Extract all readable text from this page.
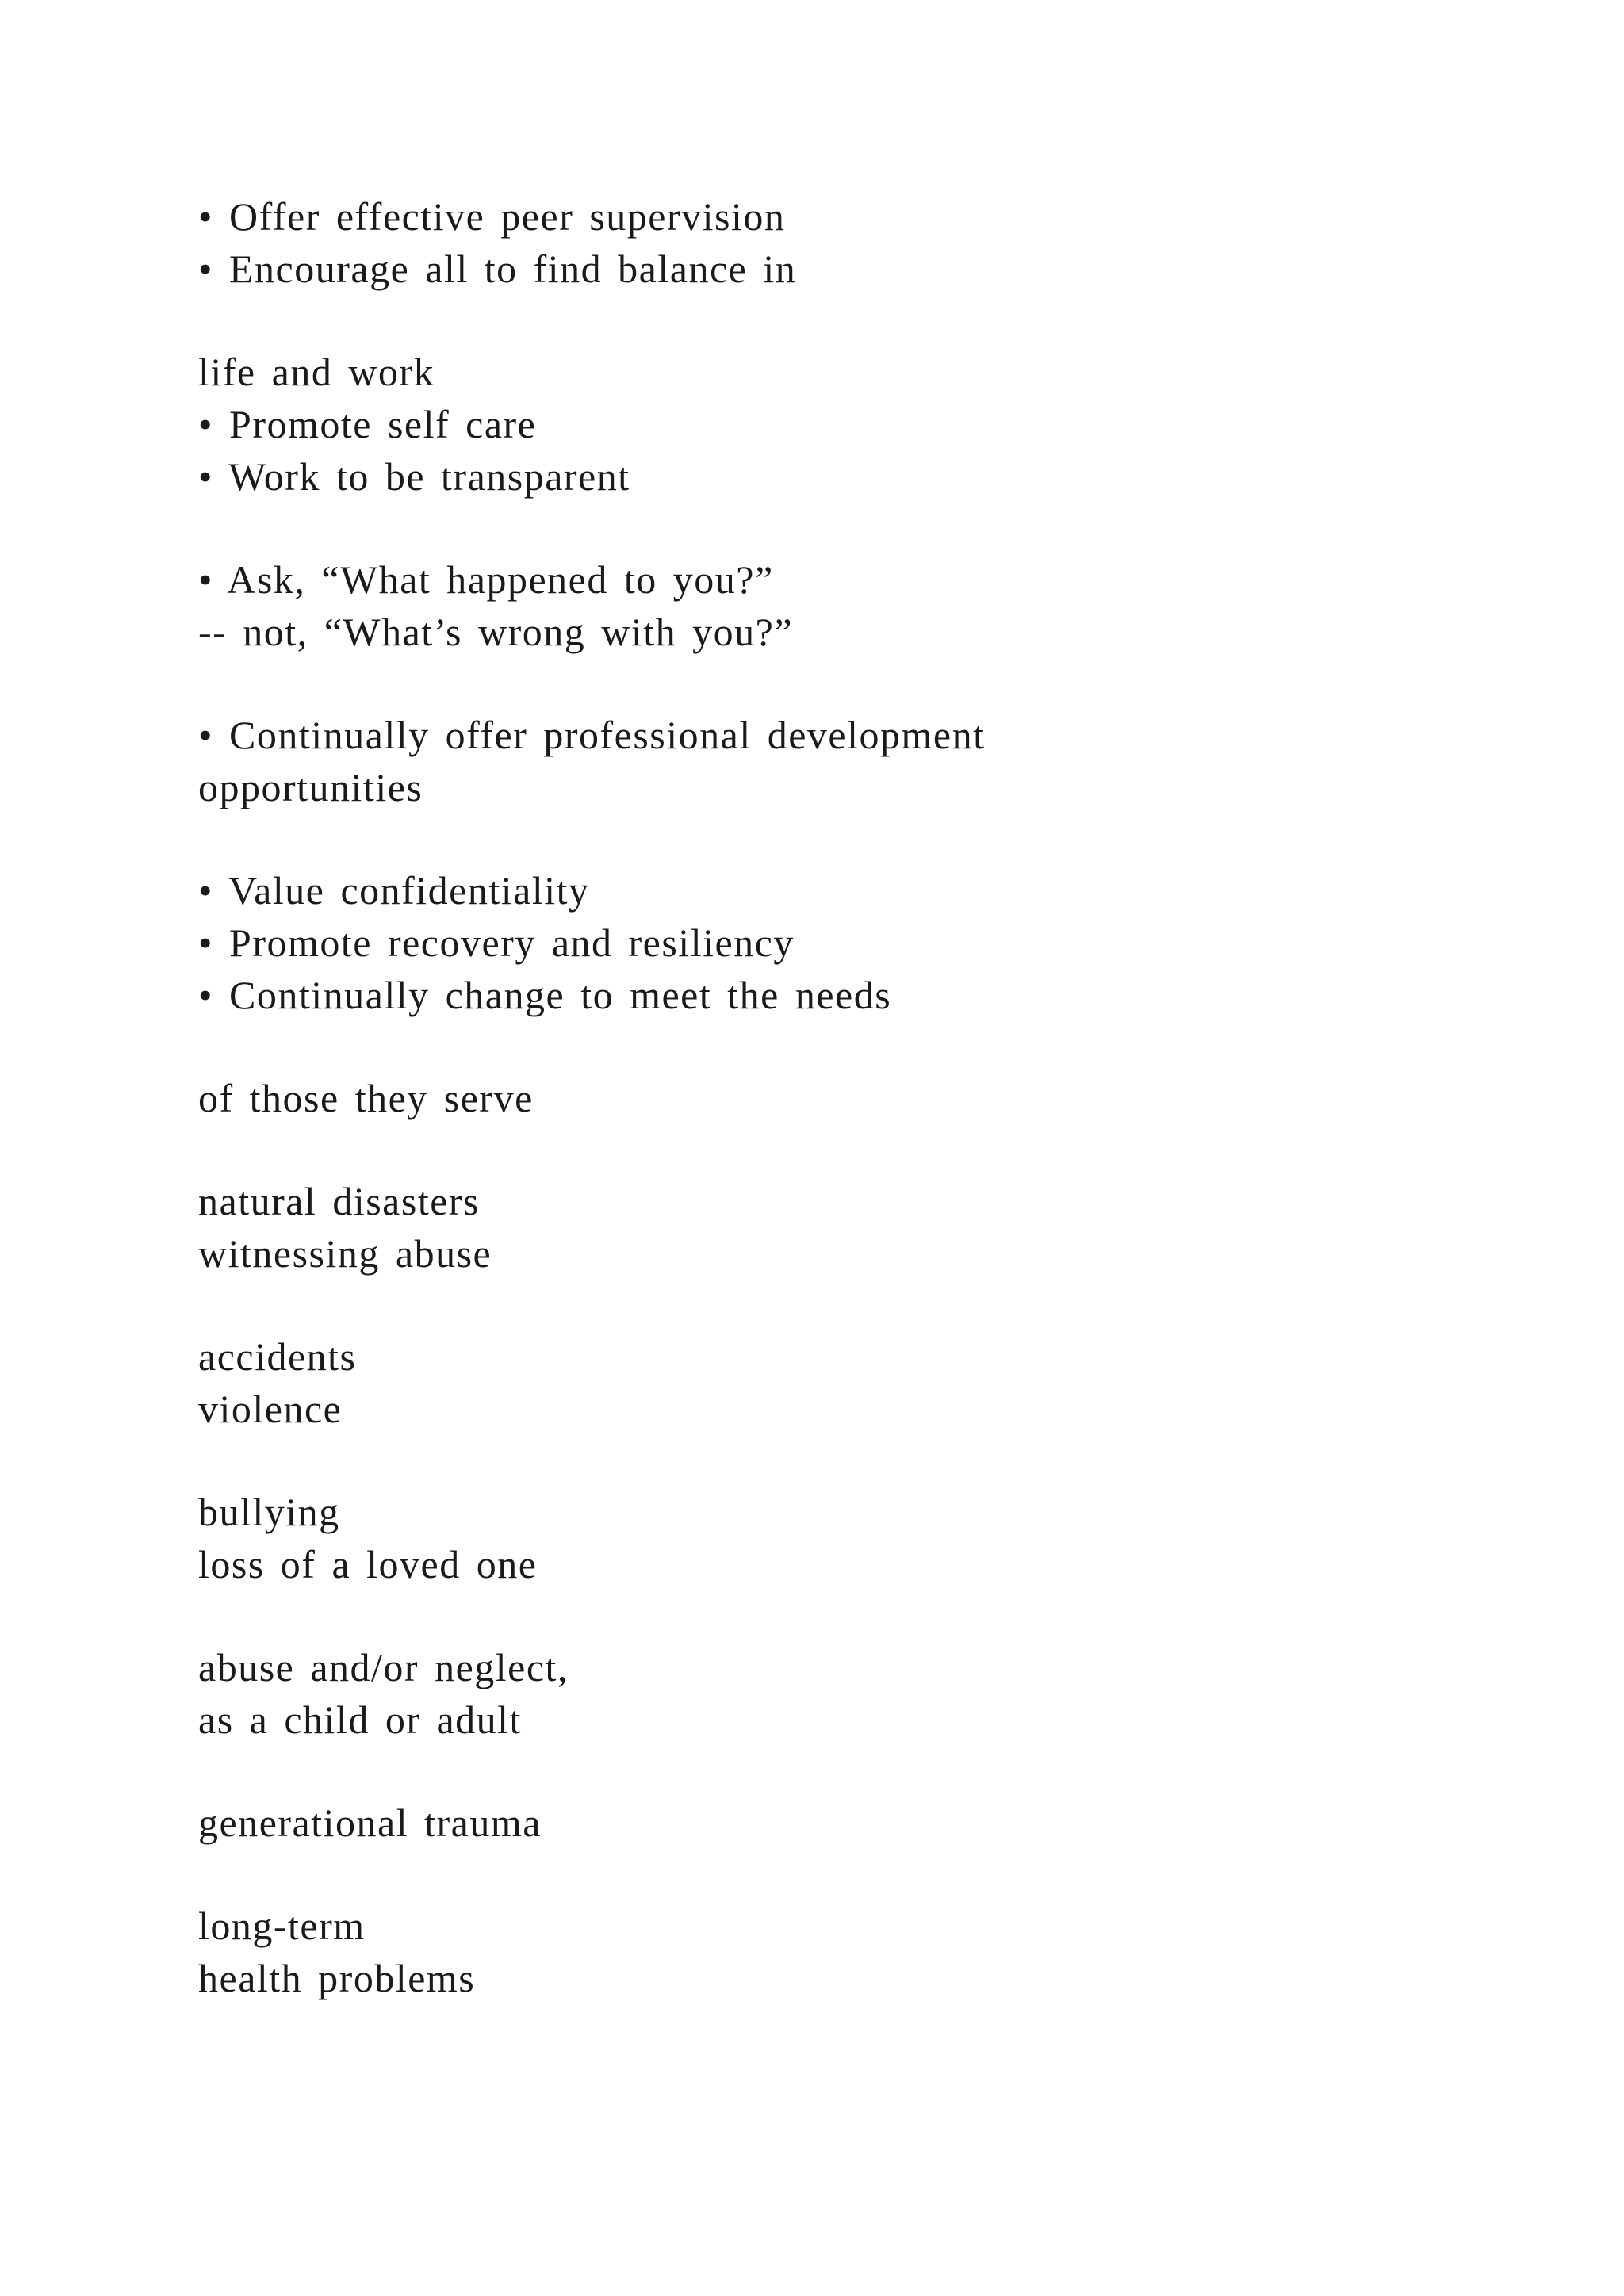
• Offer effective peer supervision
• Encourage all to find balance in
life and work
• Promote self care
• Work to be transparent
• Ask, “What happened to you?”
-- not, “What’s wrong with you?”
• Continually offer professional development
opportunities
• Value confidentiality
• Promote recovery and resiliency
• Continually change to meet the needs
of those they serve
natural disasters
witnessing abuse
accidents
violence
bullying
loss of a loved one
abuse and/or neglect,
as a child or adult
generational trauma
long-term
health problems
